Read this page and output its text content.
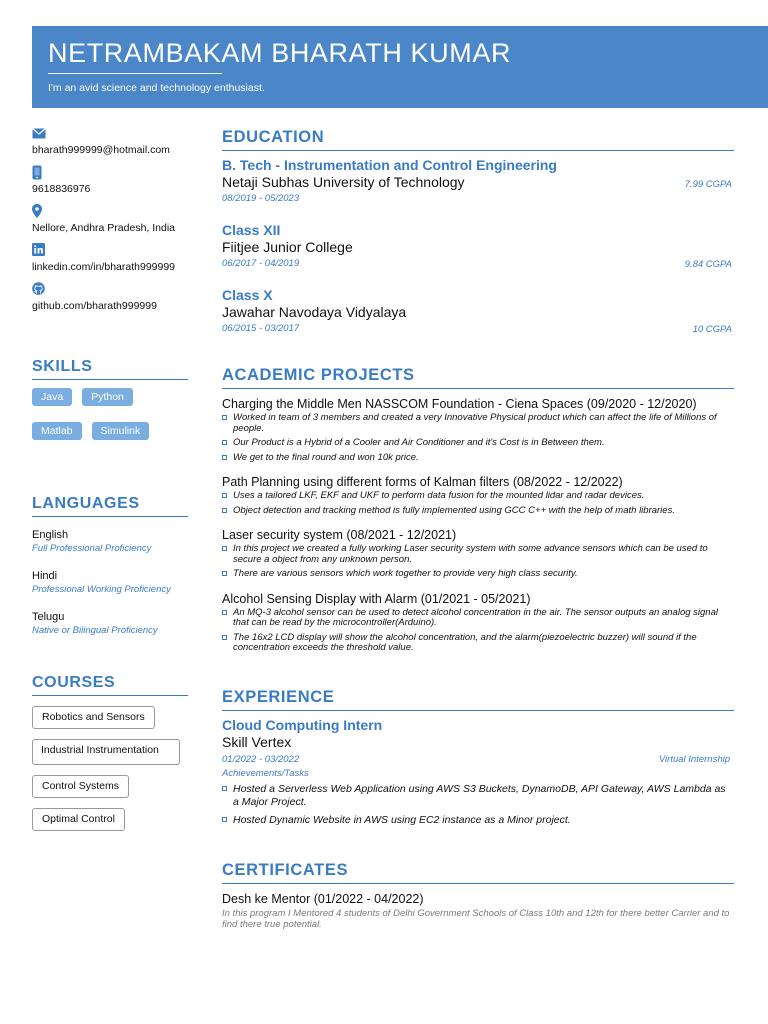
NETRAMBAKAM BHARATH KUMAR
I'm an avid science and technology enthusiast.
bharath999999@hotmail.com
9618836976
Nellore, Andhra Pradesh, India
linkedin.com/in/bharath999999
github.com/bharath999999
SKILLS
Java	Python
Matlab	Simulink
LANGUAGES
English
Full Professional Proficiency
Hindi
Professional Working Proficiency
Telugu
Native or Bilingual Proficiency
COURSES
Robotics and Sensors
Industrial Instrumentation
Control Systems
Optimal Control
EDUCATION
B. Tech - Instrumentation and Control Engineering
Netaji Subhas University of Technology	7.99 CGPA
08/2019 - 05/2023
Class XII
Fiitjee Junior College
9.84 CGPA
06/2017 - 04/2019
Class X
Jawahar Navodaya Vidyalaya
10 CGPA
06/2015 - 03/2017
ACADEMIC PROJECTS
Charging the Middle Men NASSCOM Foundation - Ciena Spaces (09/2020 - 12/2020)
Worked in team of 3 members and created a very Innovative Physical product which can affect the life of Millions of people.
Our Product is a Hybrid of a Cooler and Air Conditioner and it's Cost is in Between them.
We get to the final round and won 10k price.
Path Planning using different forms of Kalman filters (08/2022 - 12/2022)
Uses a tailored LKF, EKF and UKF to perform data fusion for the mounted lidar and radar devices.
Object detection and tracking method is fully implemented using GCC C++ with the help of math libraries.
Laser security system (08/2021 - 12/2021)
In this project we created a fully working Laser security system with some advance sensors which can be used to secure a object from any unknown person.
There are various sensors which work together to provide very high class security.
Alcohol Sensing Display with Alarm (01/2021 - 05/2021)
An MQ-3 alcohol sensor can be used to detect alcohol concentration in the air. The sensor outputs an analog signal that can be read by the microcontroller(Arduino).
The 16x2 LCD display will show the alcohol concentration, and the alarm(piezoelectric buzzer) will sound if the concentration exceeds the threshold value.
EXPERIENCE
Cloud Computing Intern
Skill Vertex
01/2022 - 03/2022	Virtual Internship
Achievements/Tasks
Hosted a Serverless Web Application using AWS S3 Buckets, DynamoDB, API Gateway, AWS Lambda as a Major Project.
Hosted Dynamic Website in AWS using EC2 instance as a Minor project.
CERTIFICATES
Desh ke Mentor (01/2022 - 04/2022)
In this program I Mentored 4 students of Delhi Government Schools of Class 10th and 12th for there better Carrier and to find there true potential.
